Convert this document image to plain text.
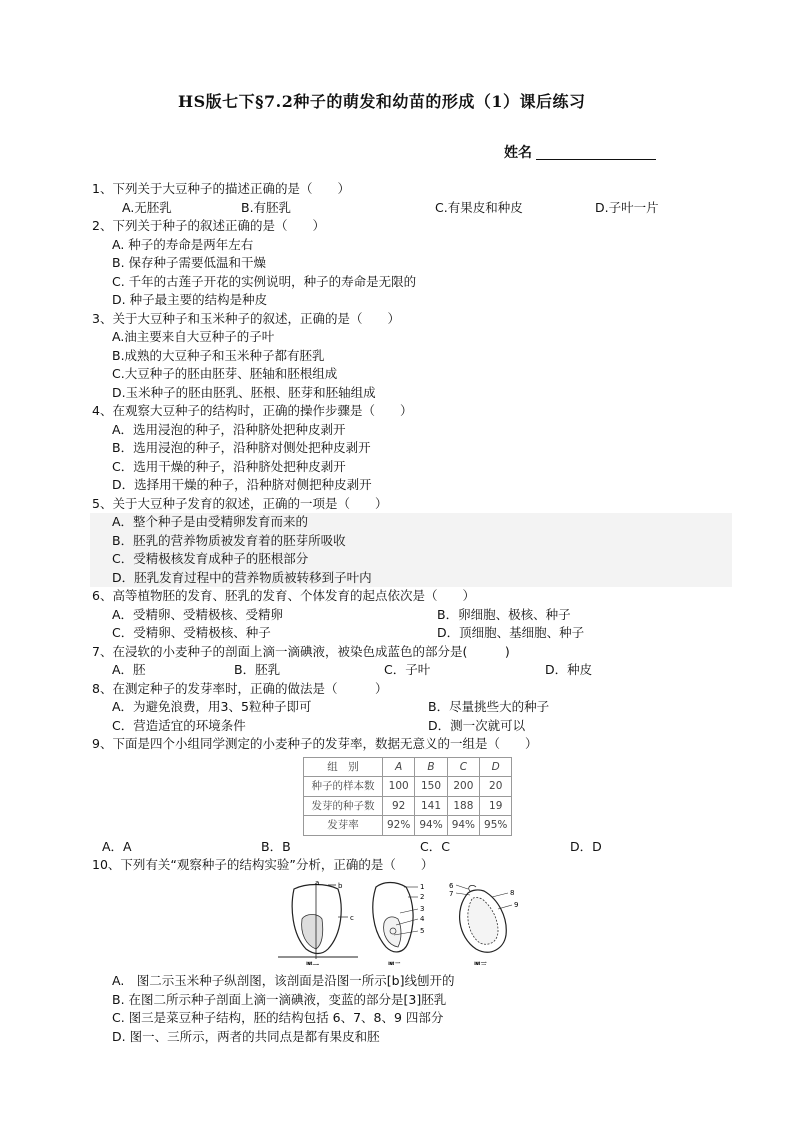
HS版七下§7.2种子的萌发和幼苗的形成（1）课后练习
姓名
1、下列关于大豆种子的描述正确的是（　　）
A.无胚乳	B.有胚乳	C.有果皮和种皮	D.子叶一片
2、下列关于种子的叙述正确的是（　　）
A. 种子的寿命是两年左右
B. 保存种子需要低温和干燥
C. 千年的古莲子开花的实例说明，种子的寿命是无限的
D. 种子最主要的结构是种皮
3、关于大豆种子和玉米种子的叙述，正确的是（　　）
A.油主要来自大豆种子的子叶
B.成熟的大豆种子和玉米种子都有胚乳
C.大豆种子的胚由胚芽、胚轴和胚根组成
D.玉米种子的胚由胚乳、胚根、胚芽和胚轴组成
4、在观察大豆种子的结构时，正确的操作步骤是（　　）
A．选用浸泡的种子，沿种脐处把种皮剥开
B．选用浸泡的种子，沿种脐对侧处把种皮剥开
C．选用干燥的种子，沿种脐处把种皮剥开
D．选择用干燥的种子，沿种脐对侧把种皮剥开
5、关于大豆种子发育的叙述，正确的一项是（　　）
A．整个种子是由受精卵发育而来的
B．胚乳的营养物质被发育着的胚芽所吸收
C．受精极核发育成种子的胚根部分
D．胚乳发育过程中的营养物质被转移到子叶内
6、高等植物胚的发育、胚乳的发育、个体发育的起点依次是（　　）
A．受精卵、受精极核、受精卵	B．卵细胞、极核、种子
C．受精卵、受精极核、种子	D．顶细胞、基细胞、种子
7、在浸软的小麦种子的剖面上滴一滴碘液，被染色成蓝色的部分是(　　　)
A．胚	B．胚乳	C．子叶	D．种皮
8、在测定种子的发芽率时，正确的做法是（　　　）
A．为避免浪费，用3、5粒种子即可	B．尽量挑些大的种子
C．营造适宜的环境条件	D．测一次就可以
9、下面是四个小组同学测定的小麦种子的发芽率，数据无意义的一组是（　　）
组　别	A	B	C	D
种子的样本数	100	150	200	20
发芽的种子数	92	141	188	19
发芽率	92%	94%	94%	95%
A．A	B．B	C．C	D．D
10、下列有关“观察种子的结构实验”分析，正确的是（　　）
a	b
c
图一
1
2
3
4
5
图二
6
7	8
9
图三
A.　图二示玉米种子纵剖图，该剖面是沿图一所示[b]线刨开的
B. 在图二所示种子剖面上滴一滴碘液，变蓝的部分是[3]胚乳
C. 图三是菜豆种子结构，胚的结构包括 6、7、8、9 四部分
D. 图一、三所示，两者的共同点是都有果皮和胚
